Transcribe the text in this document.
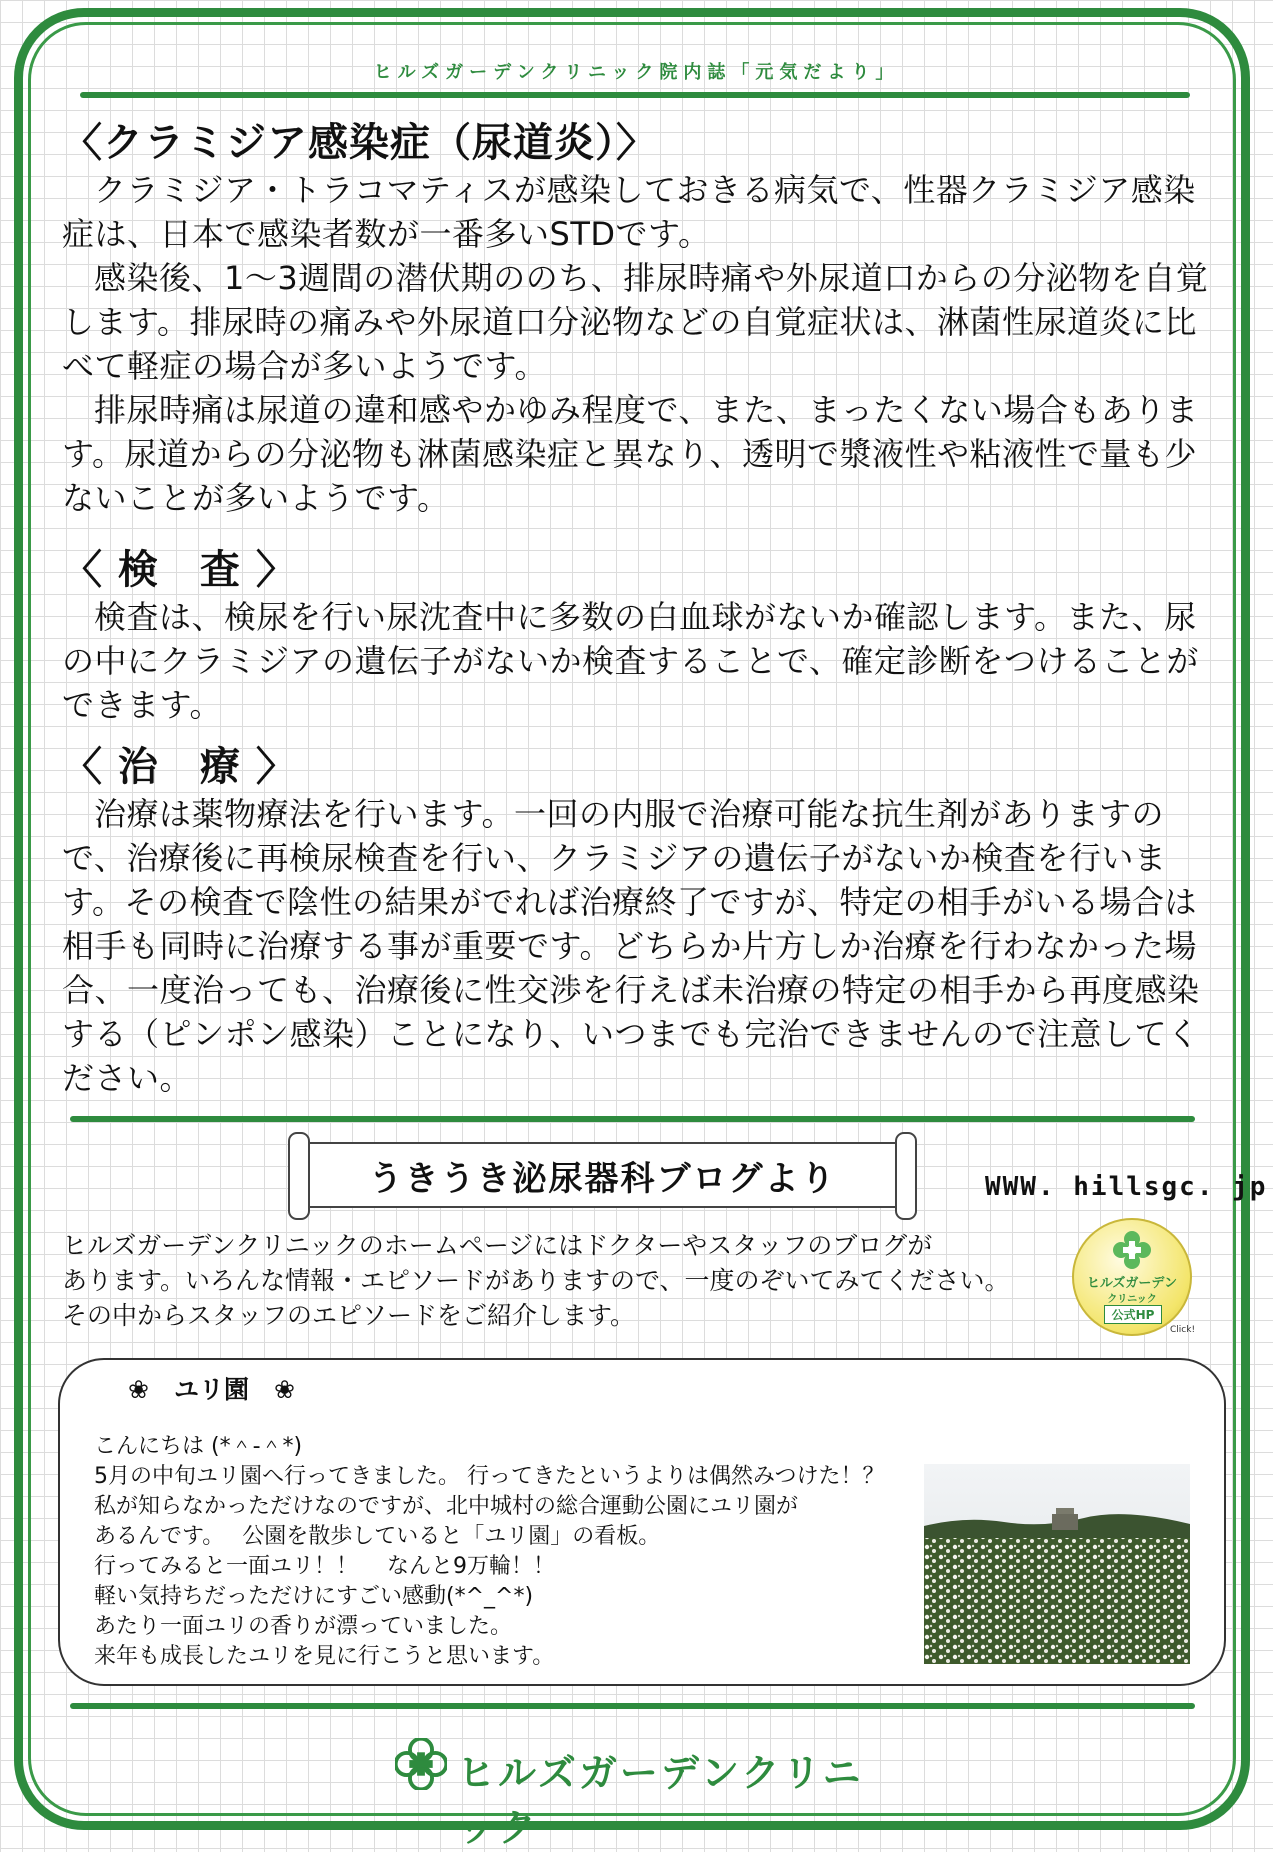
ヒルズガーデンクリニック院内誌「元気だより」
〈クラミジア感染症（尿道炎）〉

クラミジア・トラコマティスが感染しておきる病気で、性器クラミジア感染症は、日本で感染者数が一番多いSTDです。

感染後、1〜3週間の潜伏期ののち、排尿時痛や外尿道口からの分泌物を自覚します。排尿時の痛みや外尿道口分泌物などの自覚症状は、淋菌性尿道炎に比べて軽症の場合が多いようです。

排尿時痛は尿道の違和感やかゆみ程度で、また、まったくない場合もあります。尿道からの分泌物も淋菌感染症と異なり、透明で漿液性や粘液性で量も少ないことが多いようです。

〈 検　査 〉

検査は、検尿を行い尿沈査中に多数の白血球がないか確認します。また、尿の中にクラミジアの遺伝子がないか検査することで、確定診断をつけることができます。

〈 治　療 〉

治療は薬物療法を行います。一回の内服で治療可能な抗生剤がありますので、治療後に再検尿検査を行い、クラミジアの遺伝子がないか検査を行います。その検査で陰性の結果がでれば治療終了ですが、特定の相手がいる場合は相手も同時に治療する事が重要です。どちらか片方しか治療を行わなかった場合、一度治っても、治療後に性交渉を行えば未治療の特定の相手から再度感染する（ピンポン感染）ことになり、いつまでも完治できませんので注意してください。

うきうき泌尿器科ブログより	WWW. hillsgc. jp
ヒルズガーデンクリニックのホームページにはドクターやスタッフのブログが
あります。いろんな情報・エピソードがありますので、一度のぞいてみてください。
その中からスタッフのエピソードをご紹介します。
ヒルズガーデン
クリニック
公式HP
Click!
❀　ユリ園　❀
こんにちは (*＾-＾*)
5月の中旬ユリ園へ行ってきました。 行ってきたというよりは偶然みつけた！？
私が知らなかっただけなのですが、北中城村の総合運動公園にユリ園が
あるんです。　 公園を散歩していると「ユリ園」の看板。
行ってみると一面ユリ！！　 なんと9万輪！！
軽い気持ちだっただけにすごい感動(*^_^*)
あたり一面ユリの香りが漂っていました。
来年も成長したユリを見に行こうと思います。
ヒルズガーデンクリニック
